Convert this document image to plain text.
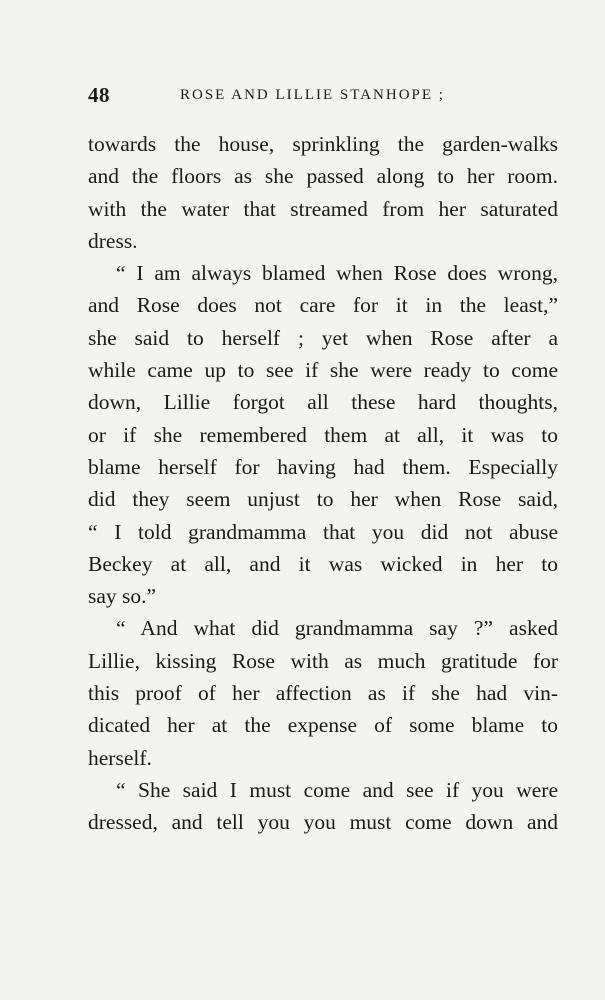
48	ROSE AND LILLIE STANHOPE ;
towards the house, sprinkling the garden-walks
and the floors as she passed along to her room.
with the water that streamed from her saturated
dress.
“ I am always blamed when Rose does wrong,
and Rose does not care for it in the least,”
she said to herself ; yet when Rose after a
while came up to see if she were ready to come
down, Lillie forgot all these hard thoughts,
or if she remembered them at all, it was to
blame herself for having had them. Especially
did they seem unjust to her when Rose said,
“ I told grandmamma that you did not abuse
Beckey at all, and it was wicked in her to
say so.”
“ And what did grandmamma say ?” asked
Lillie, kissing Rose with as much gratitude for
this proof of her affection as if she had vin-
dicated her at the expense of some blame to
herself.
“ She said I must come and see if you were
dressed, and tell you you must come down and
